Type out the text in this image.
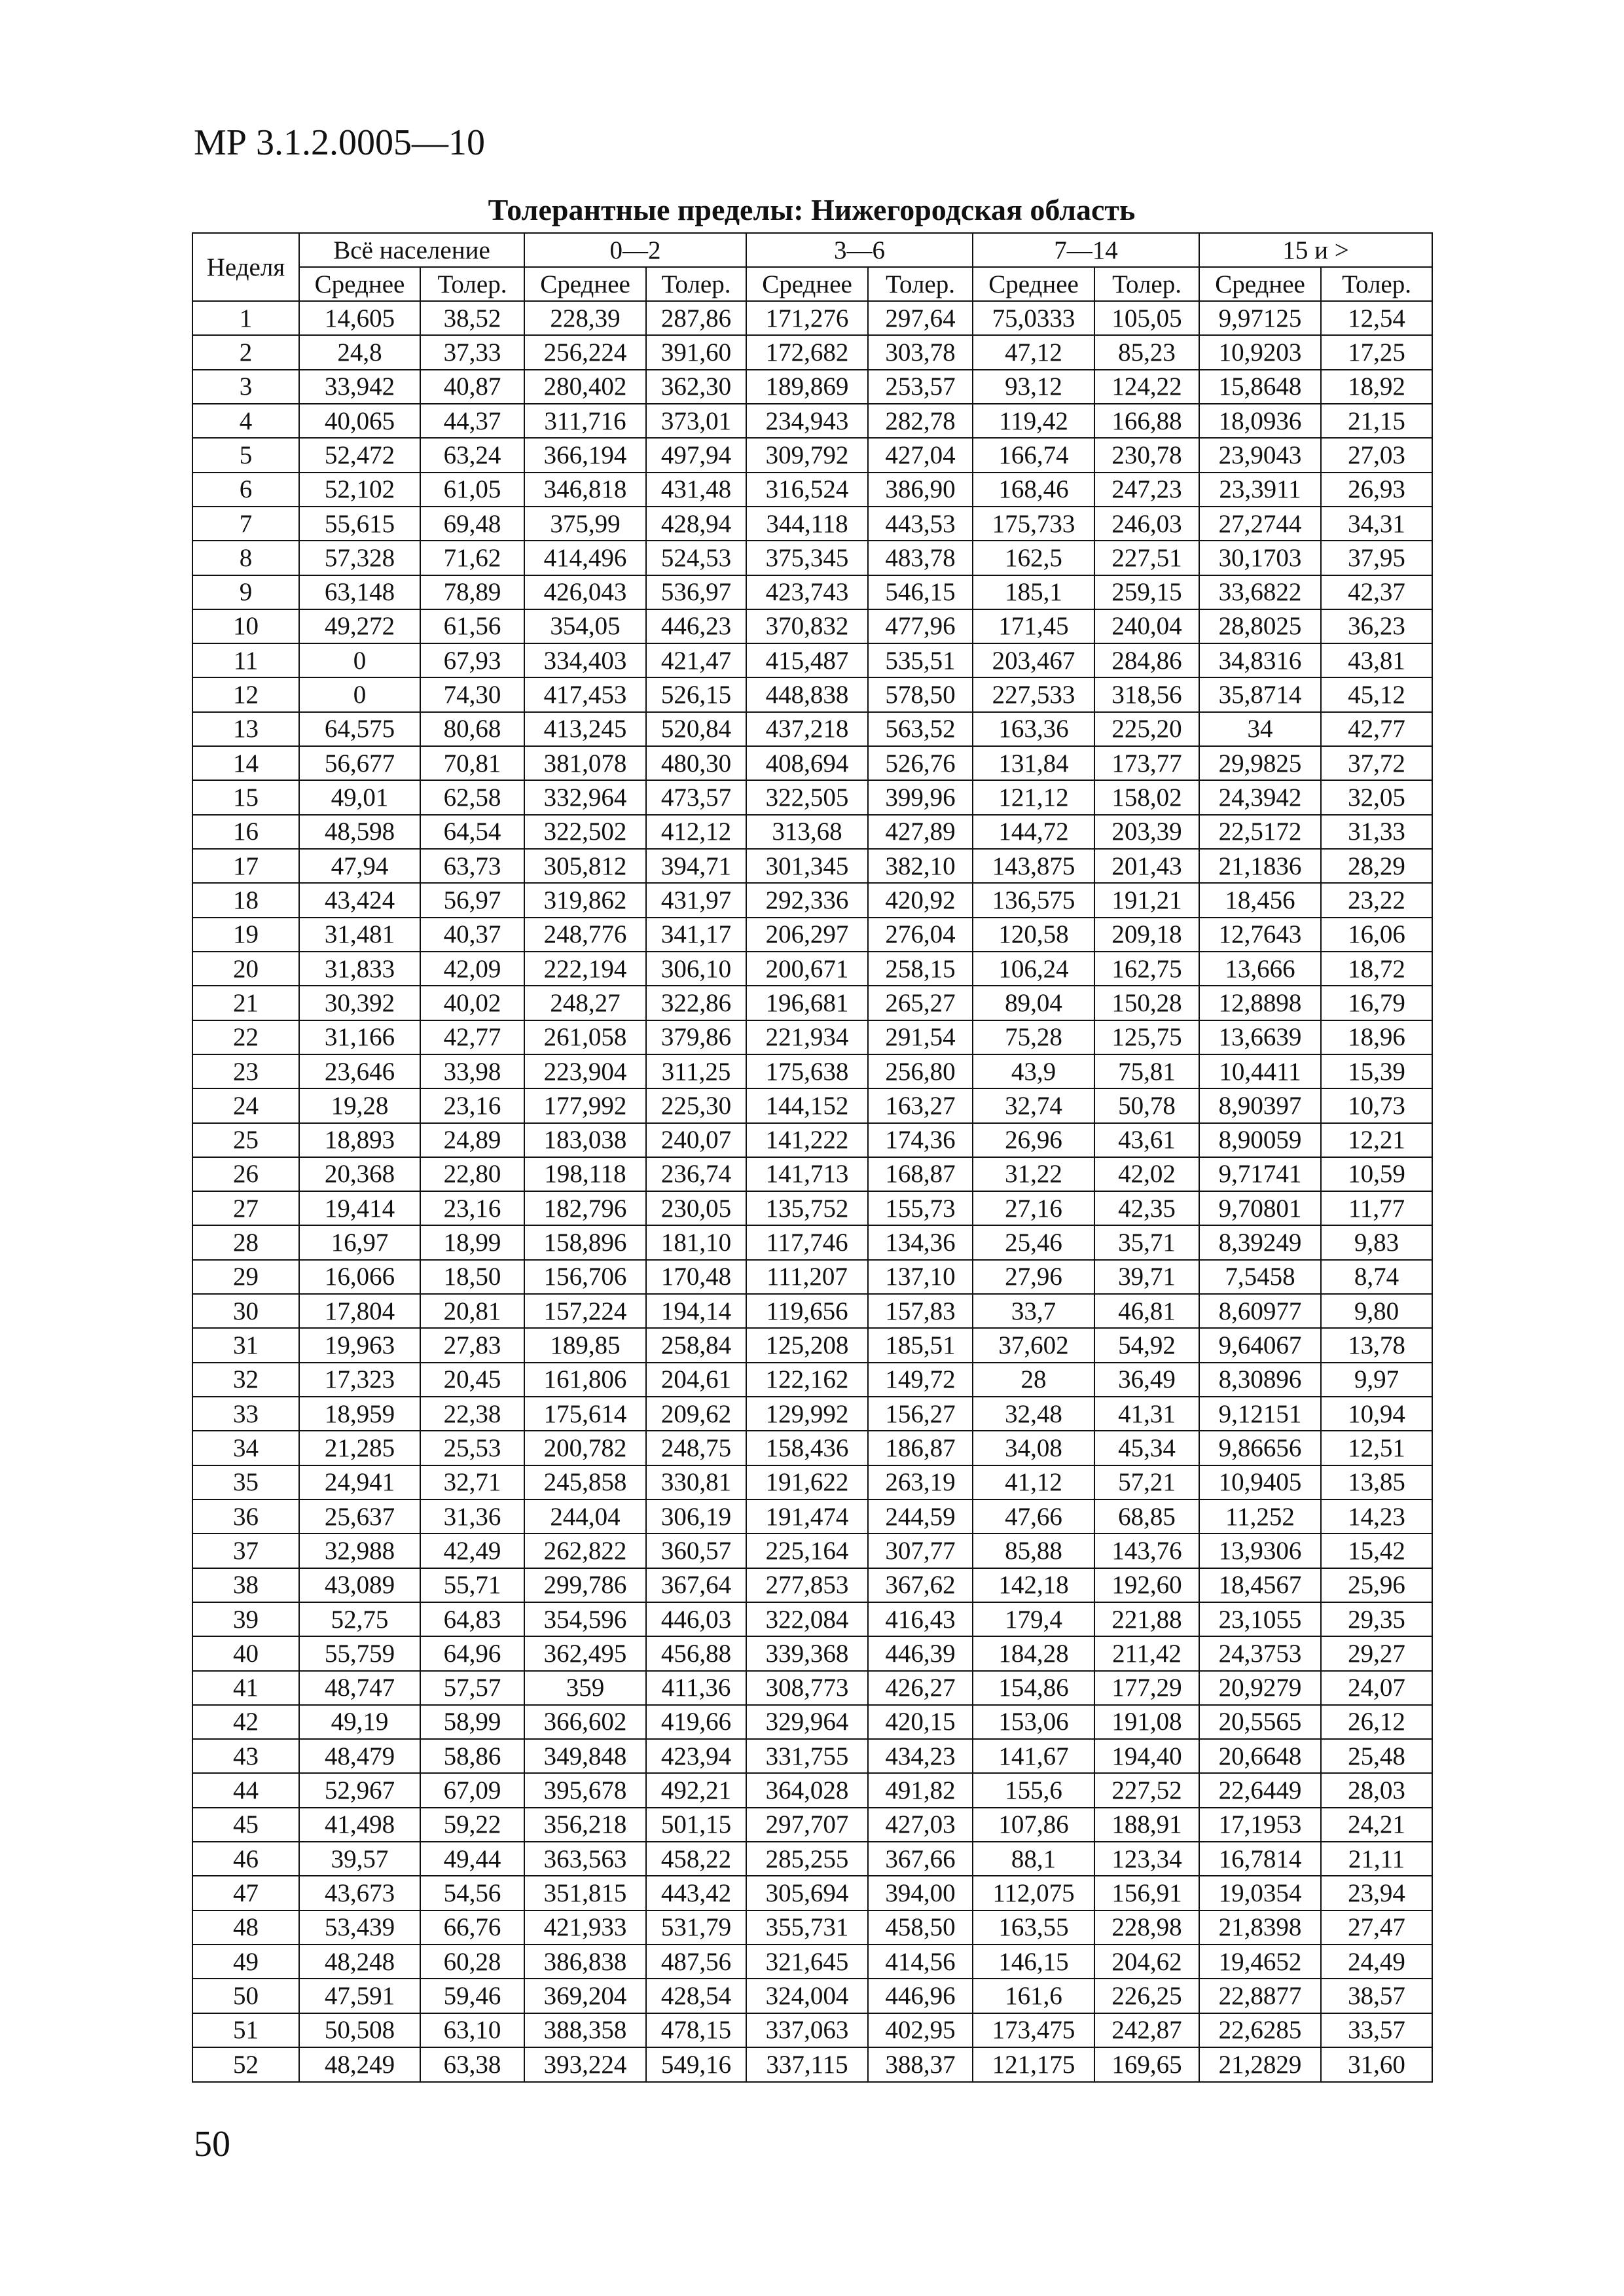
МР 3.1.2.0005—10
Толерантные пределы: Нижегородская область
Неделя	Всё население		0—2		3—6		7—14		15 и >	
	Среднее	Толер.	Среднее	Толер.	Среднее	Толер.	Среднее	Толер.	Среднее	Толер.
1	14,605	38,52	228,39	287,86	171,276	297,64	75,0333	105,05	9,97125	12,54
2	24,8	37,33	256,224	391,60	172,682	303,78	47,12	85,23	10,9203	17,25
3	33,942	40,87	280,402	362,30	189,869	253,57	93,12	124,22	15,8648	18,92
4	40,065	44,37	311,716	373,01	234,943	282,78	119,42	166,88	18,0936	21,15
5	52,472	63,24	366,194	497,94	309,792	427,04	166,74	230,78	23,9043	27,03
6	52,102	61,05	346,818	431,48	316,524	386,90	168,46	247,23	23,3911	26,93
7	55,615	69,48	375,99	428,94	344,118	443,53	175,733	246,03	27,2744	34,31
8	57,328	71,62	414,496	524,53	375,345	483,78	162,5	227,51	30,1703	37,95
9	63,148	78,89	426,043	536,97	423,743	546,15	185,1	259,15	33,6822	42,37
10	49,272	61,56	354,05	446,23	370,832	477,96	171,45	240,04	28,8025	36,23
11	0	67,93	334,403	421,47	415,487	535,51	203,467	284,86	34,8316	43,81
12	0	74,30	417,453	526,15	448,838	578,50	227,533	318,56	35,8714	45,12
13	64,575	80,68	413,245	520,84	437,218	563,52	163,36	225,20	34	42,77
14	56,677	70,81	381,078	480,30	408,694	526,76	131,84	173,77	29,9825	37,72
15	49,01	62,58	332,964	473,57	322,505	399,96	121,12	158,02	24,3942	32,05
16	48,598	64,54	322,502	412,12	313,68	427,89	144,72	203,39	22,5172	31,33
17	47,94	63,73	305,812	394,71	301,345	382,10	143,875	201,43	21,1836	28,29
18	43,424	56,97	319,862	431,97	292,336	420,92	136,575	191,21	18,456	23,22
19	31,481	40,37	248,776	341,17	206,297	276,04	120,58	209,18	12,7643	16,06
20	31,833	42,09	222,194	306,10	200,671	258,15	106,24	162,75	13,666	18,72
21	30,392	40,02	248,27	322,86	196,681	265,27	89,04	150,28	12,8898	16,79
22	31,166	42,77	261,058	379,86	221,934	291,54	75,28	125,75	13,6639	18,96
23	23,646	33,98	223,904	311,25	175,638	256,80	43,9	75,81	10,4411	15,39
24	19,28	23,16	177,992	225,30	144,152	163,27	32,74	50,78	8,90397	10,73
25	18,893	24,89	183,038	240,07	141,222	174,36	26,96	43,61	8,90059	12,21
26	20,368	22,80	198,118	236,74	141,713	168,87	31,22	42,02	9,71741	10,59
27	19,414	23,16	182,796	230,05	135,752	155,73	27,16	42,35	9,70801	11,77
28	16,97	18,99	158,896	181,10	117,746	134,36	25,46	35,71	8,39249	9,83
29	16,066	18,50	156,706	170,48	111,207	137,10	27,96	39,71	7,5458	8,74
30	17,804	20,81	157,224	194,14	119,656	157,83	33,7	46,81	8,60977	9,80
31	19,963	27,83	189,85	258,84	125,208	185,51	37,602	54,92	9,64067	13,78
32	17,323	20,45	161,806	204,61	122,162	149,72	28	36,49	8,30896	9,97
33	18,959	22,38	175,614	209,62	129,992	156,27	32,48	41,31	9,12151	10,94
34	21,285	25,53	200,782	248,75	158,436	186,87	34,08	45,34	9,86656	12,51
35	24,941	32,71	245,858	330,81	191,622	263,19	41,12	57,21	10,9405	13,85
36	25,637	31,36	244,04	306,19	191,474	244,59	47,66	68,85	11,252	14,23
37	32,988	42,49	262,822	360,57	225,164	307,77	85,88	143,76	13,9306	15,42
38	43,089	55,71	299,786	367,64	277,853	367,62	142,18	192,60	18,4567	25,96
39	52,75	64,83	354,596	446,03	322,084	416,43	179,4	221,88	23,1055	29,35
40	55,759	64,96	362,495	456,88	339,368	446,39	184,28	211,42	24,3753	29,27
41	48,747	57,57	359	411,36	308,773	426,27	154,86	177,29	20,9279	24,07
42	49,19	58,99	366,602	419,66	329,964	420,15	153,06	191,08	20,5565	26,12
43	48,479	58,86	349,848	423,94	331,755	434,23	141,67	194,40	20,6648	25,48
44	52,967	67,09	395,678	492,21	364,028	491,82	155,6	227,52	22,6449	28,03
45	41,498	59,22	356,218	501,15	297,707	427,03	107,86	188,91	17,1953	24,21
46	39,57	49,44	363,563	458,22	285,255	367,66	88,1	123,34	16,7814	21,11
47	43,673	54,56	351,815	443,42	305,694	394,00	112,075	156,91	19,0354	23,94
48	53,439	66,76	421,933	531,79	355,731	458,50	163,55	228,98	21,8398	27,47
49	48,248	60,28	386,838	487,56	321,645	414,56	146,15	204,62	19,4652	24,49
50	47,591	59,46	369,204	428,54	324,004	446,96	161,6	226,25	22,8877	38,57
51	50,508	63,10	388,358	478,15	337,063	402,95	173,475	242,87	22,6285	33,57
52	48,249	63,38	393,224	549,16	337,115	388,37	121,175	169,65	21,2829	31,60
50
